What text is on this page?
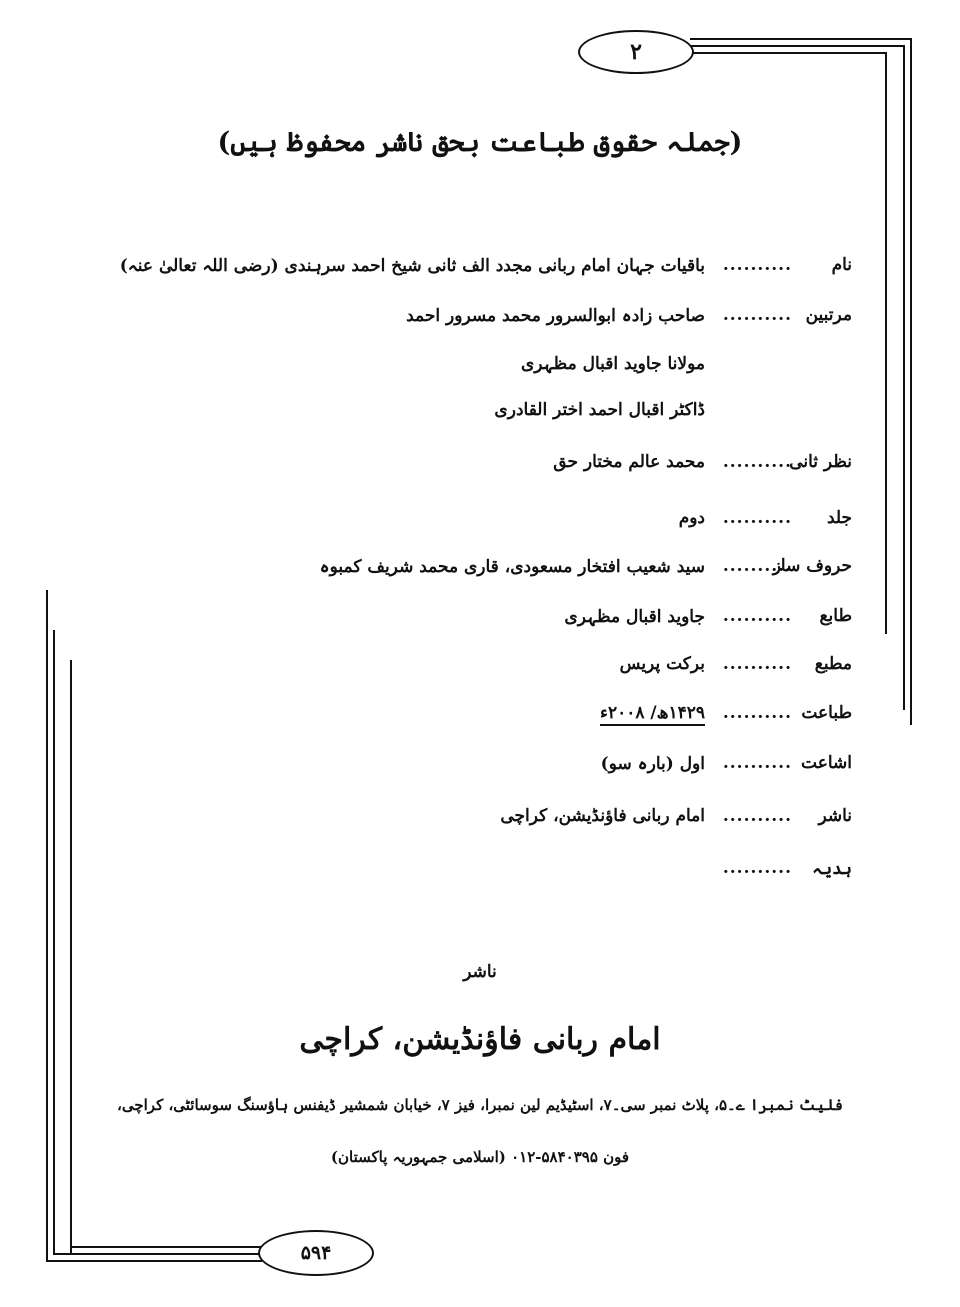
۲
۵۹۴
(جملہ حقوق طباعت بحق ناشر محفوظ ہیں)
نام
..........
باقیات جہان امام ربانی مجدد الف ثانی شیخ احمد سرہندی (رضی اللہ تعالیٰ عنہ)
مرتبین
..........
صاحب زادہ ابوالسرور محمد مسرور احمد
مولانا جاوید اقبال مظہری
ڈاکٹر اقبال احمد اختر القادری
نظر ثانی
..........
محمد عالم مختار حق
جلد
..........
دوم
حروف ساز
..........
سید شعیب افتخار مسعودی، قاری محمد شریف کمبوہ
طابع
..........
جاوید اقبال مظہری
مطبع
..........
برکت پریس
طباعت
..........
۱۴۲۹ھ/ ۲۰۰۸ء
اشاعت
..........
اول (بارہ سو)
ناشر
..........
امام ربانی فاؤنڈیشن، کراچی
ہدیہ
..........
ناشر
امام ربانی فاؤنڈیشن، کراچی
فلیٹ نمبرا ے۔۵، پلاٹ نمبر سی۔۷، اسٹیڈیم لین نمبرا، فیز ۷، خیابان شمشیر ڈیفنس ہاؤسنگ سوسائٹی، کراچی،
فون ۵۸۴۰۳۹۵-۰۱۲ (اسلامی جمہوریہ پاکستان)
